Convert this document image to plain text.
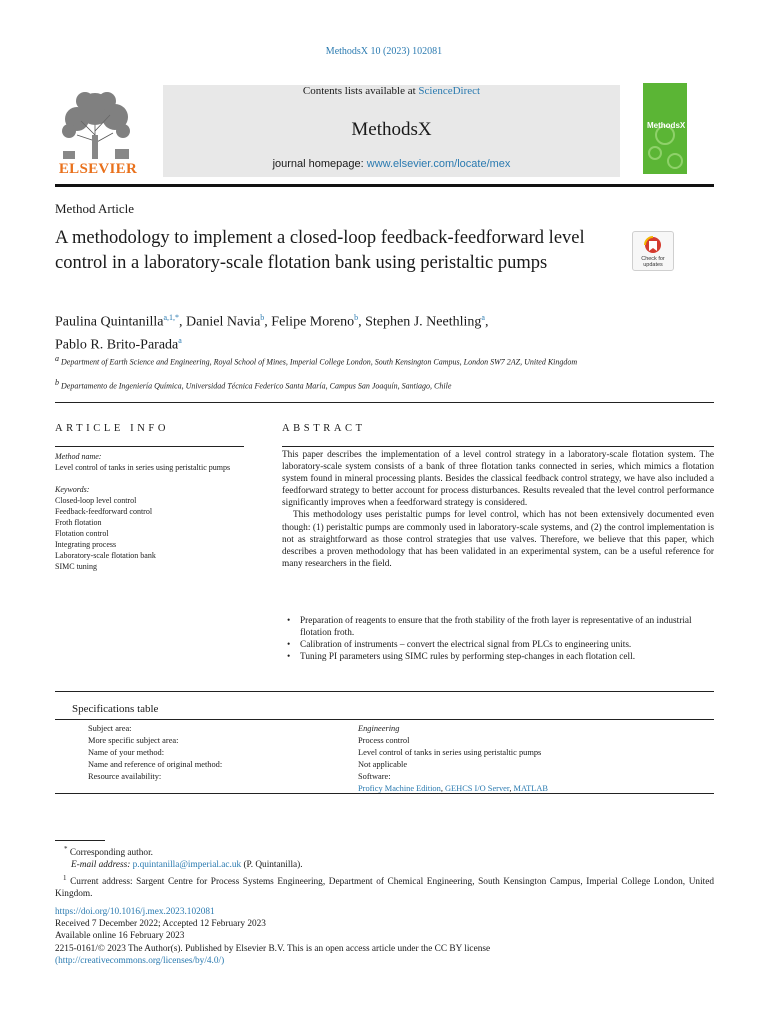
MethodsX 10 (2023) 102081
ELSEVIER
Contents lists available at ScienceDirect
MethodsX
journal homepage: www.elsevier.com/locate/mex
MethodsX
Method Article
A methodology to implement a closed-loop feedback-feedforward level control in a laboratory-scale flotation bank using peristaltic pumps	Check for updates
Paulina Quintanilla$^{a,1,*}$, Daniel Navia$^b$, Felipe Moreno$^b$, Stephen J. Neethling$^a$,
Pablo R. Brito-Parada$^a$
$^a$ Department of Earth Science and Engineering, Royal School of Mines, Imperial College London, South Kensington Campus, London SW7 2AZ, United Kingdom
$^b$ Departamento de Ingeniería Química, Universidad Técnica Federico Santa María, Campus San Joaquín, Santiago, Chile
ARTICLE INFO
Method name:
Level control of tanks in series using peristaltic pumps
Keywords:
Closed-loop level control
Feedback-feedforward control
Froth flotation
Flotation control
Integrating process
Laboratory-scale flotation bank
SIMC tuning
ABSTRACT

This paper describes the implementation of a level control strategy in a laboratory-scale flotation system. The laboratory-scale system consists of a bank of three flotation tanks connected in series, which mimics a flotation system found in mineral processing plants. Besides the classical feedback control strategy, we have also included a feedforward strategy to better account for process disturbances. Results revealed that the level control performance significantly improves when a feedforward strategy is considered.

This methodology uses peristaltic pumps for level control, which has not been extensively documented even though: (1) peristaltic pumps are commonly used in laboratory-scale systems, and (2) the control implementation is not as straightforward as those control strategies that use valves. Therefore, we believe that this paper, which describes a proven methodology that has been validated in an experimental system, can be a useful reference for many researchers in the field.

• Preparation of reagents to ensure that the froth stability of the froth layer is representative of an industrial flotation froth.
• Calibration of instruments – convert the electrical signal from PLCs to engineering units.
• Tuning PI parameters using SIMC rules by performing step-changes in each flotation cell.
Specifications table
Subject area:	Engineering
More specific subject area:	Process control
Name of your method:	Level control of tanks in series using peristaltic pumps
Name and reference of original method:	Not applicable
Resource availability:	Software:
Proficy Machine Edition, GEHCS I/O Server, MATLAB
* Corresponding author.
E-mail address: p.quintanilla@imperial.ac.uk (P. Quintanilla).
$^1$ Current address: Sargent Centre for Process Systems Engineering, Department of Chemical Engineering, South Kensington Campus, Imperial College London, United Kingdom.
https://doi.org/10.1016/j.mex.2023.102081
Received 7 December 2022; Accepted 12 February 2023
Available online 16 February 2023
2215-0161/© 2023 The Author(s). Published by Elsevier B.V. This is an open access article under the CC BY license
(http://creativecommons.org/licenses/by/4.0/)
